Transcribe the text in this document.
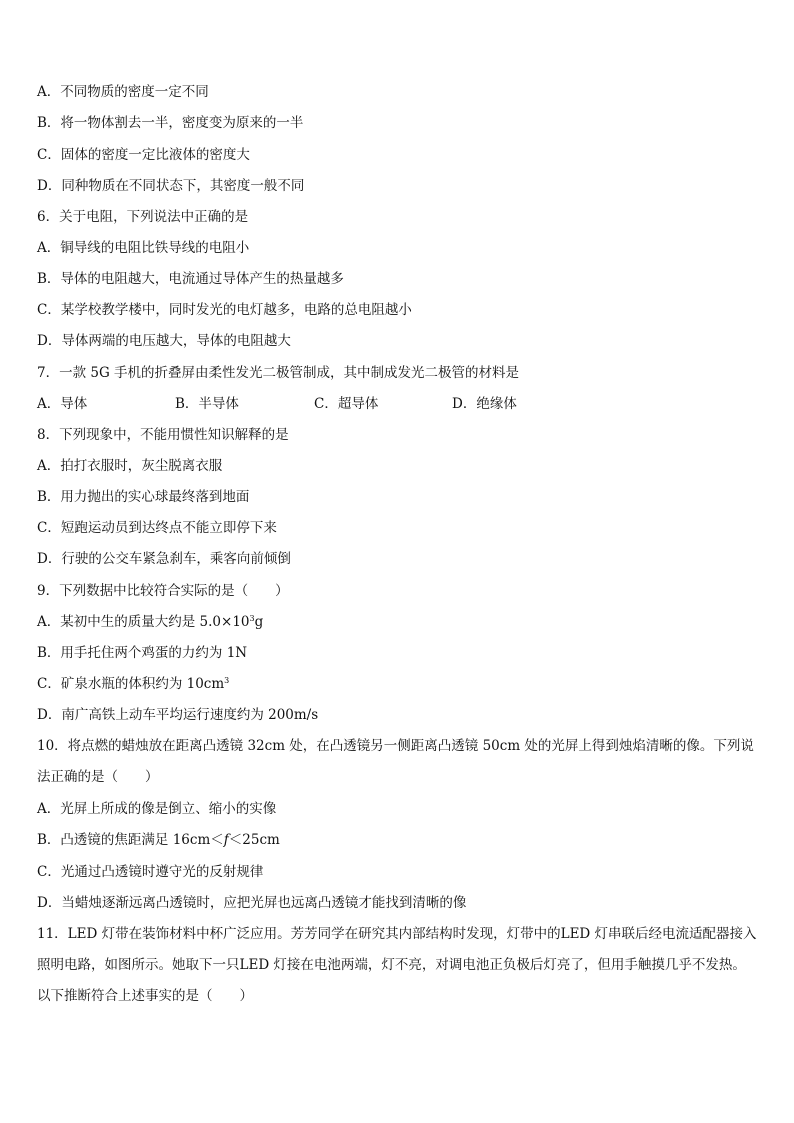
A．不同物质的密度一定不同
B．将一物体割去一半，密度变为原来的一半
C．固体的密度一定比液体的密度大
D．同种物质在不同状态下，其密度一般不同
6．关于电阻，下列说法中正确的是
A．铜导线的电阻比铁导线的电阻小
B．导体的电阻越大，电流通过导体产生的热量越多
C．某学校教学楼中，同时发光的电灯越多，电路的总电阻越小
D．导体两端的电压越大，导体的电阻越大
7．一款 5G 手机的折叠屏由柔性发光二极管制成，其中制成发光二极管的材料是
A．导体	B．半导体	C．超导体	D．绝缘体
8．下列现象中，不能用惯性知识解释的是
A．拍打衣服时，灰尘脱离衣服
B．用力抛出的实心球最终落到地面
C．短跑运动员到达终点不能立即停下来
D．行驶的公交车紧急刹车，乘客向前倾倒
9．下列数据中比较符合实际的是（　　）
A．某初中生的质量大约是 $5.0\times 10^3g$
B．用手托住两个鸡蛋的力约为 1N
C．矿泉水瓶的体积约为 $10cm^3$
D．南广高铁上动车平均运行速度约为 200m/s
10．将点燃的蜡烛放在距离凸透镜 32cm 处，在凸透镜另一侧距离凸透镜 50cm 处的光屏上得到烛焰清晰的像。下列说法正确的是（　　）
A．光屏上所成的像是倒立、缩小的实像
B．凸透镜的焦距满足 16cm＜f＜25cm
C．光通过凸透镜时遵守光的反射规律
D．当蜡烛逐渐远离凸透镜时，应把光屏也远离凸透镜才能找到清晰的像
11．LED 灯带在装饰材料中杯广泛应用。芳芳同学在研究其内部结构时发现，灯带中的LED 灯串联后经电流适配器接入照明电路，如图所示。她取下一只LED 灯接在电池两端，灯不亮，对调电池正负极后灯亮了，但用手触摸几乎不发热。以下推断符合上述事实的是（　　）
